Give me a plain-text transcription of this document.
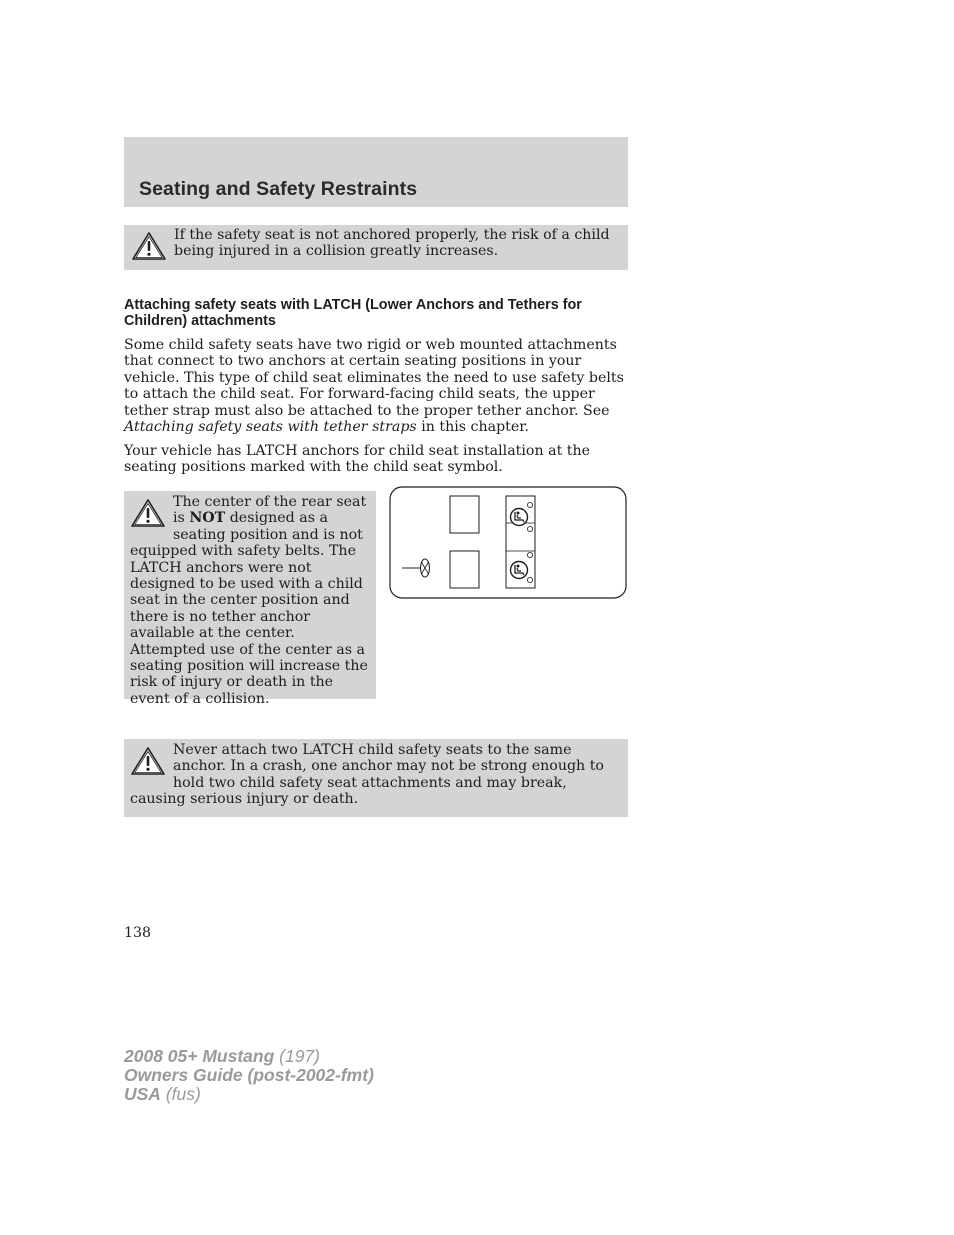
Seating and Safety Restraints

If the safety seat is not anchored properly, the risk of a child being injured in a collision greatly increases.

Attaching safety seats with LATCH (Lower Anchors and Tethers for Children) attachments

Some child safety seats have two rigid or web mounted attachments that connect to two anchors at certain seating positions in your vehicle. This type of child seat eliminates the need to use safety belts to attach the child seat. For forward-facing child seats, the upper tether strap must also be attached to the proper tether anchor. See Attaching safety seats with tether straps in this chapter.

Your vehicle has LATCH anchors for child seat installation at the seating positions marked with the child seat symbol.

The center of the rear seat is NOT designed as a seating position and is not equipped with safety belts. The LATCH anchors were not designed to be used with a child seat in the center position and there is no tether anchor available at the center. Attempted use of the center as a seating position will increase the risk of injury or death in the event of a collision.

Never attach two LATCH child safety seats to the same anchor. In a crash, one anchor may not be strong enough to hold two child safety seat attachments and may break, causing serious injury or death.

138

2008 05+ Mustang (197)
Owners Guide (post-2002-fmt)
USA (fus)
